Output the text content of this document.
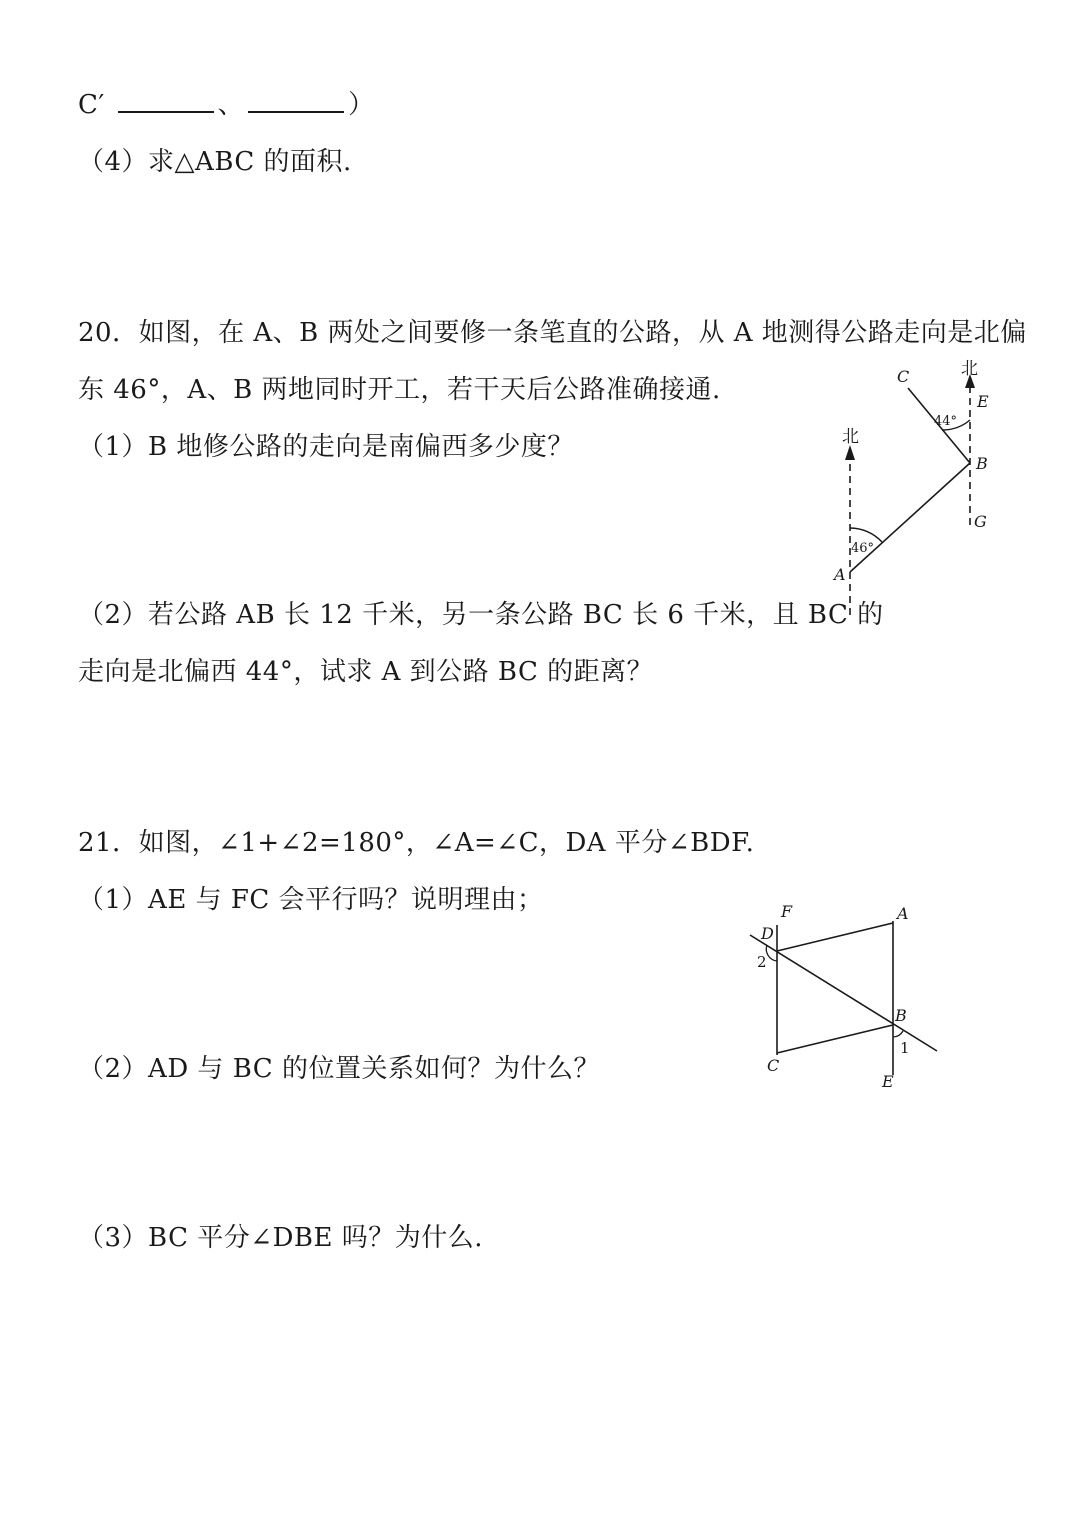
C′	、	）
（4）求△ABC 的面积.
20．如图，在 A、B 两处之间要修一条笔直的公路，从 A 地测得公路走向是北偏
东 46°，A、B 两地同时开工，若干天后公路准确接通.
（1）B 地修公路的走向是南偏西多少度？
（2）若公路 AB 长 12 千米，另一条公路 BC 长 6 千米，且 BC 的
走向是北偏西 44°，试求 A 到公路 BC 的距离？
北
北
46°
44°
A
B
C
E
G
21．如图，∠1+∠2=180°，∠A=∠C，DA 平分∠BDF.
（1）AE 与 FC 会平行吗？说明理由；
（2）AD 与 BC 的位置关系如何？为什么？
（3）BC 平分∠DBE 吗？为什么.
F	A
D
2
B
1
C
E
